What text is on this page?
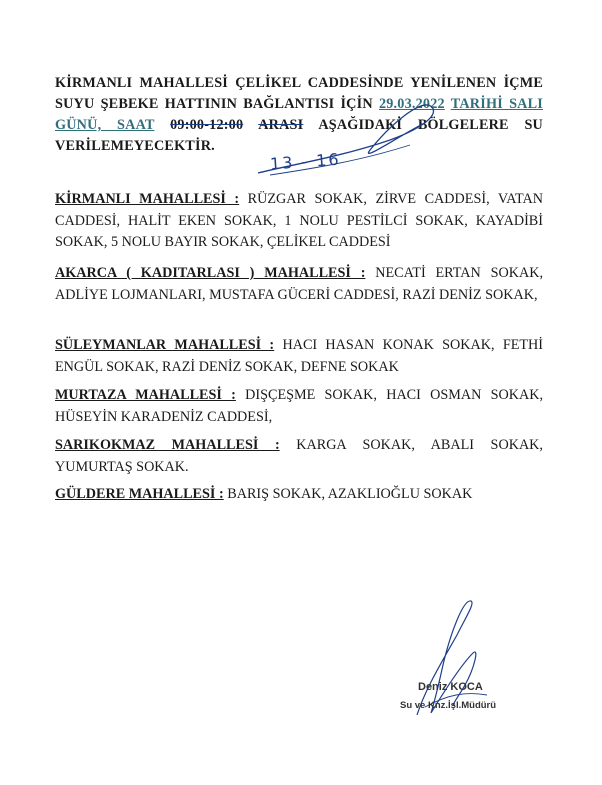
KİRMANLI MAHALLESİ ÇELİKEL CADDESİNDE YENİLENEN İÇME SUYU ŞEBEKE HATTININ BAĞLANTISI İÇİN 29.03.2022 TARİHİ SALI GÜNÜ, SAAT 09:00-12:00 ARASI AŞAĞIDAKİ BÖLGELERE SU VERİLEMEYECEKTİR.
13 - 16
KİRMANLI MAHALLESİ : RÜZGAR SOKAK, ZİRVE CADDESİ, VATAN CADDESİ, HALİT EKEN SOKAK, 1 NOLU PESTİLCİ SOKAK, KAYADİBİ SOKAK, 5 NOLU BAYIR SOKAK, ÇELİKEL CADDESİ
AKARCA ( KADITARLASI ) MAHALLESİ : NECATİ ERTAN SOKAK, ADLİYE LOJMANLARI, MUSTAFA GÜCERİ CADDESİ, RAZİ DENİZ SOKAK,
SÜLEYMANLAR MAHALLESİ : HACI HASAN KONAK SOKAK, FETHİ ENGÜL SOKAK, RAZİ DENİZ SOKAK, DEFNE SOKAK
MURTAZA MAHALLESİ : DIŞÇEŞME SOKAK, HACI OSMAN SOKAK, HÜSEYİN KARADENİZ CADDESİ,
SARIKOKMAZ MAHALLESİ : KARGA SOKAK, ABALI SOKAK, YUMURTAŞ SOKAK.
GÜLDERE MAHALLESİ : BARIŞ SOKAK, AZAKLIOĞLU SOKAK
Deniz KOCA
Su ve Knz.İşl.Müdürü
